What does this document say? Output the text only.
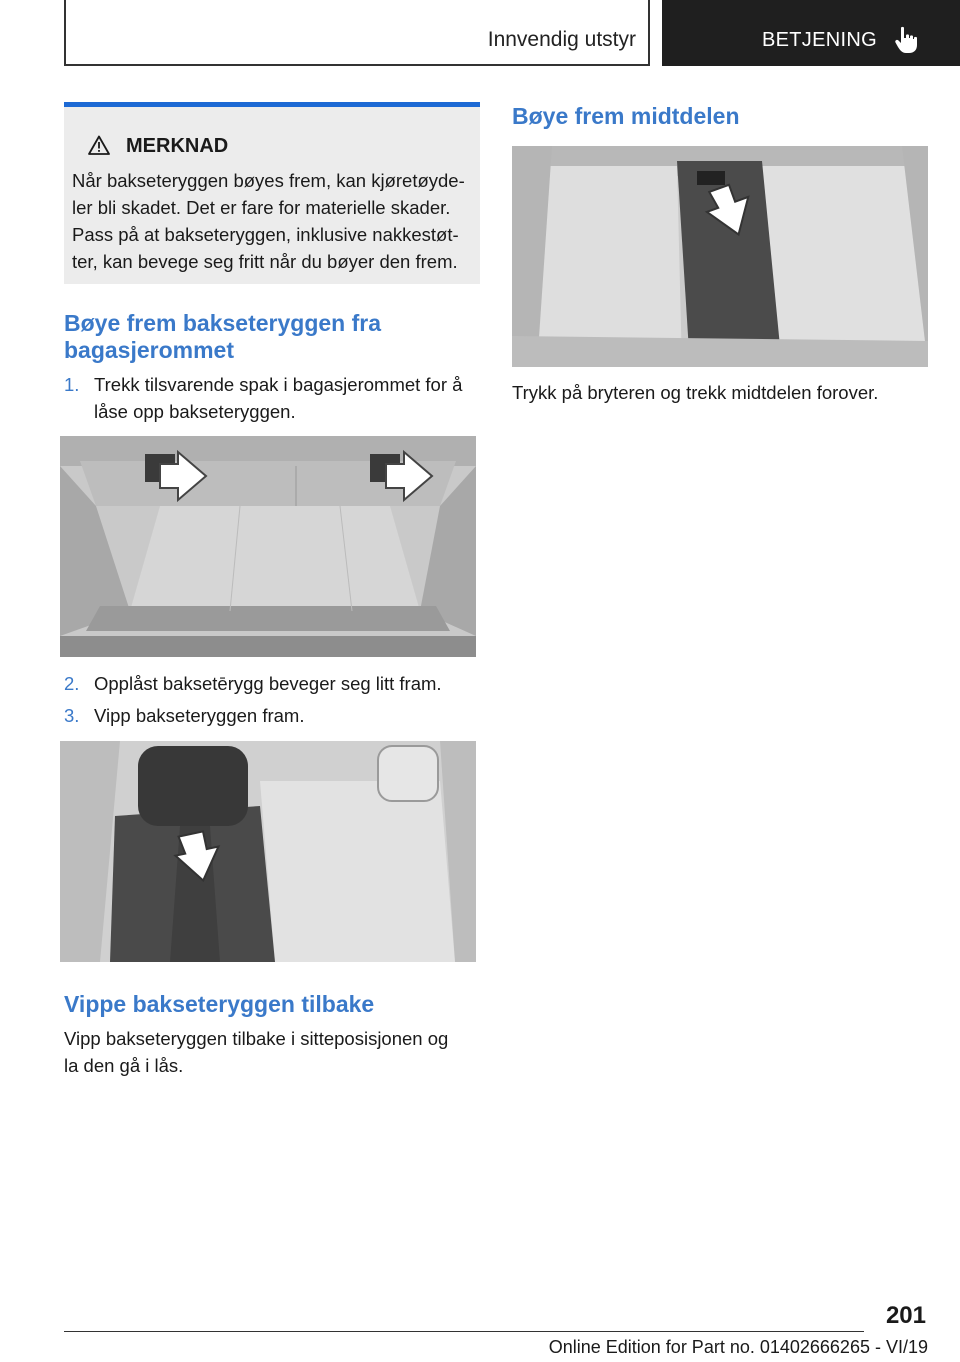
Innvendig utstyr	BETJENING
MERKNAD
Når bakseteryggen bøyes frem, kan kjøretøyde‐
ler bli skadet. Det er fare for materielle skader.
Pass på at bakseteryggen, inklusive nakkestøt‐
ter, kan bevege seg fritt når du bøyer den frem.
Bøye frem bakseteryggen fra
bagasjerommet
1. Trekk tilsvarende spak i bagasjerommet for å
låse opp bakseteryggen.
2. Opplåst baksetērygg beveger seg litt fram.
3. Vipp bakseteryggen fram.
Vippe bakseteryggen tilbake
Vipp bakseteryggen tilbake i sitteposisjonen og
la den gå i lås.
Bøye frem midtdelen
Trykk på bryteren og trekk midtdelen forover.
201
Online Edition for Part no. 01402666265 - VI/19
